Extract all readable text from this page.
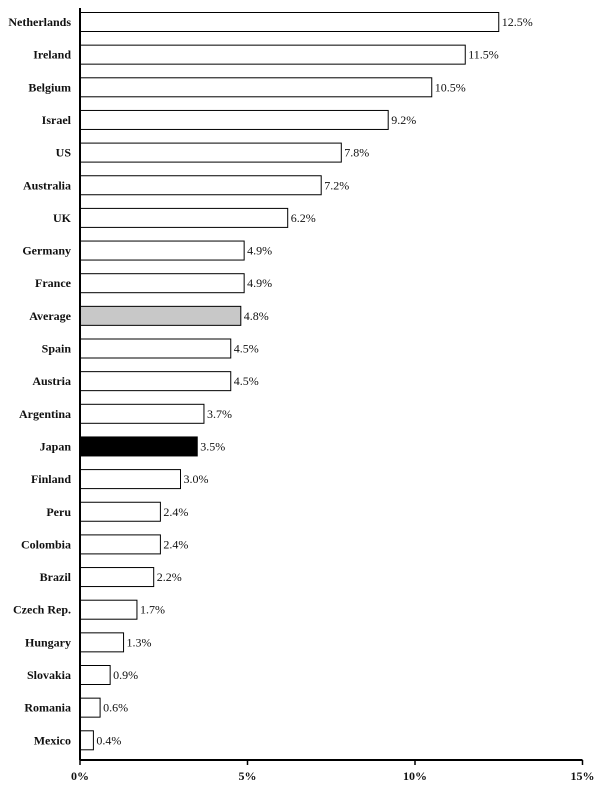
Netherlands	12.5%
Ireland	11.5%
Belgium	10.5%
Israel	9.2%
US	7.8%
Australia	7.2%
UK	6.2%
Germany	4.9%
France	4.9%
Average	4.8%
Spain	4.5%
Austria	4.5%
Argentina	3.7%
Japan	3.5%
Finland	3.0%
Peru	2.4%
Colombia	2.4%
Brazil	2.2%
Czech Rep.	1.7%
Hungary	1.3%
Slovakia	0.9%
Romania	0.6%
Mexico 0.4%
0%	5%	10%	15%
